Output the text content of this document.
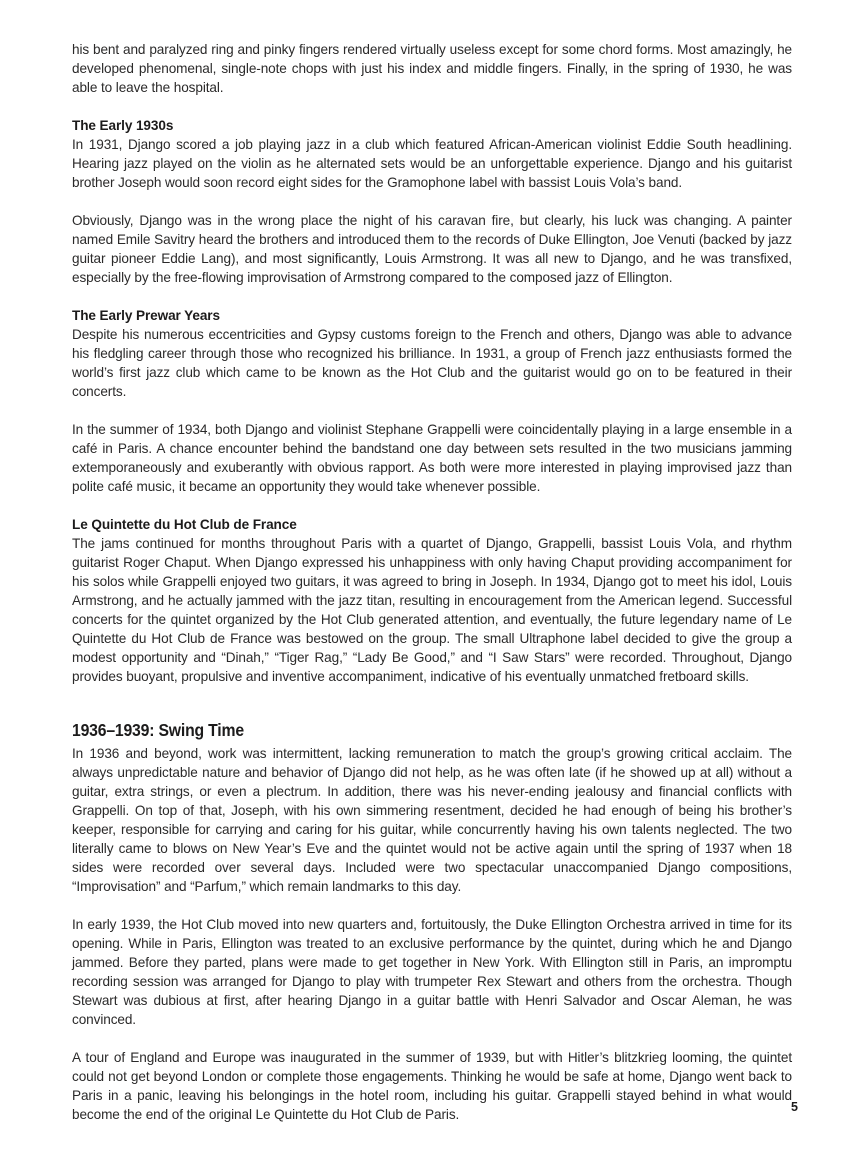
his bent and paralyzed ring and pinky fingers rendered virtually useless except for some chord forms. Most amazingly, he developed phenomenal, single-note chops with just his index and middle fingers. Finally, in the spring of 1930, he was able to leave the hospital.

The Early 1930s

In 1931, Django scored a job playing jazz in a club which featured African-American violinist Eddie South headlining. Hearing jazz played on the violin as he alternated sets would be an unforgettable experience. Django and his guitarist brother Joseph would soon record eight sides for the Gramophone label with bassist Louis Vola’s band.

Obviously, Django was in the wrong place the night of his caravan fire, but clearly, his luck was changing. A painter named Emile Savitry heard the brothers and introduced them to the records of Duke Ellington, Joe Venuti (backed by jazz guitar pioneer Eddie Lang), and most significantly, Louis Armstrong. It was all new to Django, and he was transfixed, especially by the free-flowing improvisation of Armstrong compared to the composed jazz of Ellington.

The Early Prewar Years

Despite his numerous eccentricities and Gypsy customs foreign to the French and others, Django was able to advance his fledgling career through those who recognized his brilliance. In 1931, a group of French jazz enthusiasts formed the world’s first jazz club which came to be known as the Hot Club and the guitarist would go on to be featured in their concerts.

In the summer of 1934, both Django and violinist Stephane Grappelli were coincidentally playing in a large ensemble in a café in Paris. A chance encounter behind the bandstand one day between sets resulted in the two musicians jamming extemporaneously and exuberantly with obvious rapport. As both were more interested in playing improvised jazz than polite café music, it became an opportunity they would take whenever possible.

Le Quintette du Hot Club de France

The jams continued for months throughout Paris with a quartet of Django, Grappelli, bassist Louis Vola, and rhythm guitarist Roger Chaput. When Django expressed his unhappiness with only having Chaput providing accompaniment for his solos while Grappelli enjoyed two guitars, it was agreed to bring in Joseph. In 1934, Django got to meet his idol, Louis Armstrong, and he actually jammed with the jazz titan, resulting in encouragement from the American legend. Successful concerts for the quintet organized by the Hot Club generated attention, and eventually, the future legendary name of Le Quintette du Hot Club de France was bestowed on the group. The small Ultraphone label decided to give the group a modest opportunity and “Dinah,” “Tiger Rag,” “Lady Be Good,” and “I Saw Stars” were recorded. Throughout, Django provides buoyant, propulsive and inventive accompaniment, indicative of his eventually unmatched fretboard skills.

1936–1939: Swing Time

In 1936 and beyond, work was intermittent, lacking remuneration to match the group’s growing critical acclaim. The always unpredictable nature and behavior of Django did not help, as he was often late (if he showed up at all) without a guitar, extra strings, or even a plectrum. In addition, there was his never-ending jealousy and financial conflicts with Grappelli. On top of that, Joseph, with his own simmering resentment, decided he had enough of being his brother’s keeper, responsible for carrying and caring for his guitar, while concurrently having his own talents neglected. The two literally came to blows on New Year’s Eve and the quintet would not be active again until the spring of 1937 when 18 sides were recorded over several days. Included were two spectacular unaccompanied Django compositions, “Improvisation” and “Parfum,” which remain landmarks to this day.

In early 1939, the Hot Club moved into new quarters and, fortuitously, the Duke Ellington Orchestra arrived in time for its opening. While in Paris, Ellington was treated to an exclusive performance by the quintet, during which he and Django jammed. Before they parted, plans were made to get together in New York. With Ellington still in Paris, an impromptu recording session was arranged for Django to play with trumpeter Rex Stewart and others from the orchestra. Though Stewart was dubious at first, after hearing Django in a guitar battle with Henri Salvador and Oscar Aleman, he was convinced.

A tour of England and Europe was inaugurated in the summer of 1939, but with Hitler’s blitzkrieg looming, the quintet could not get beyond London or complete those engagements. Thinking he would be safe at home, Django went back to Paris in a panic, leaving his belongings in the hotel room, including his guitar. Grappelli stayed behind in what would become the end of the original Le Quintette du Hot Club de Paris.	5
